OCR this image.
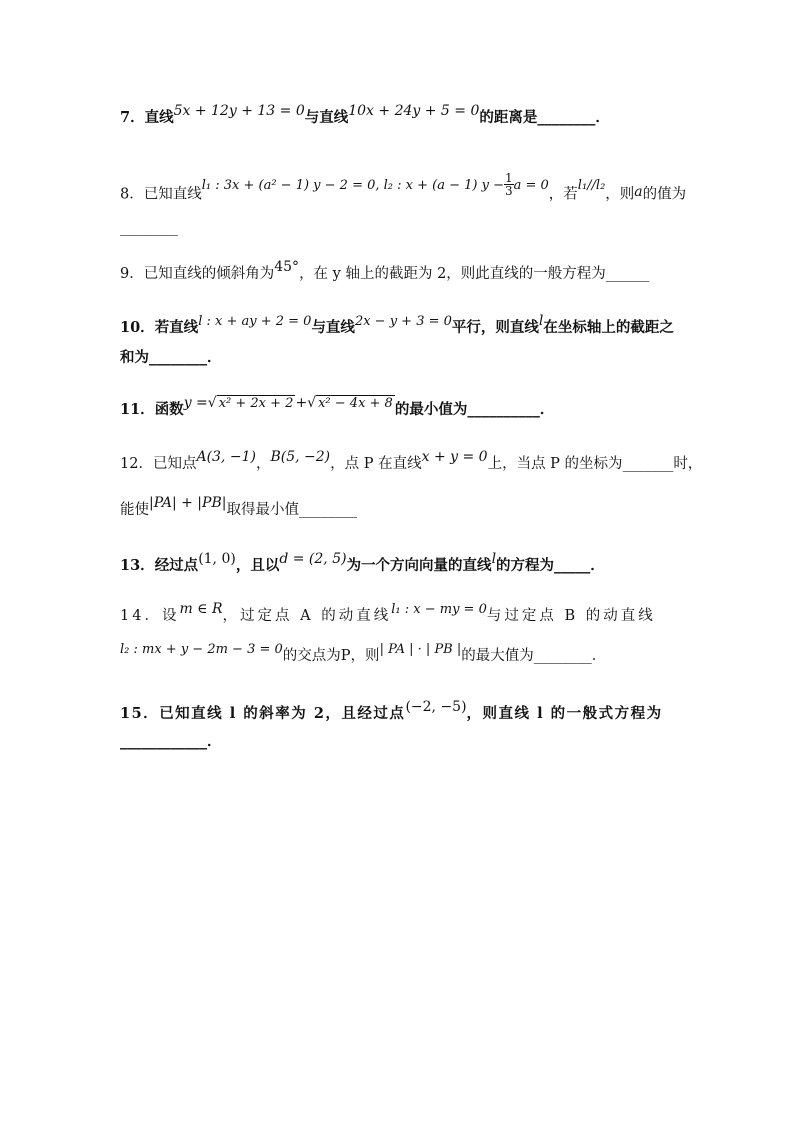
7．直线5x + 12y + 13 = 0与直线10x + 24y + 5 = 0的距离是________．
8．已知直线l₁ : 3x + (a² − 1) y − 2 = 0, l₂ : x + (a − 1) $y - \frac{1}{3}$ a = 0，若l₁//l₂，则a的值为
________
9．已知直线的倾斜角为45°，在 y 轴上的截距为 2，则此直线的一般方程为______
10．若直线l : x + ay + 2 = 0与直线2x − y + 3 = 0平行，则直线l在坐标轴上的截距之
和为________．
11．函数y =√ x² + 2x + 2 +√ x² − 4x + 8 的最小值为__________．
12．已知点A(3, −1)，B(5, −2)，点 P 在直线x + y = 0上，当点 P 的坐标为_______时，
能使|PA| + |PB|取得最小值________
13．经过点(1, 0)，且以d = (2, 5)为一个方向向量的直线l的方程为_____．
14．设m ∈ R，过定点 A 的动直线l₁ : x − my = 0与过定点 B 的动直线
l₂ : mx + y − 2m − 3 = 0的交点为P，则| PA | · | PB |的最大值为________．
15．已知直线 l 的斜率为 2，且经过点(−2, −5)，则直线 l 的一般式方程为
____________．
